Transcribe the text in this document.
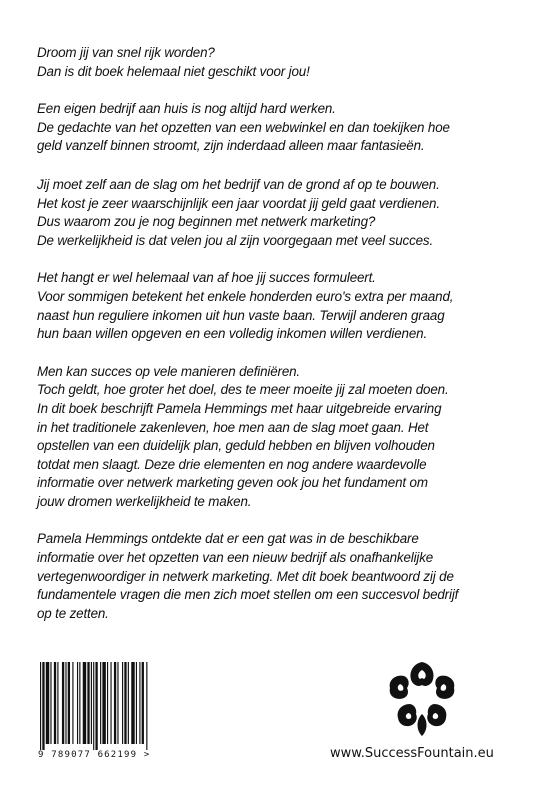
Droom jij van snel rijk worden?
Dan is dit boek helemaal niet geschikt voor jou!

Een eigen bedrijf aan huis is nog altijd hard werken.
De gedachte van het opzetten van een webwinkel en dan toekijken hoe
geld vanzelf binnen stroomt, zijn inderdaad alleen maar fantasieën.

Jij moet zelf aan de slag om het bedrijf van de grond af op te bouwen.
Het kost je zeer waarschijnlijk een jaar voordat jij geld gaat verdienen.
Dus waarom zou je nog beginnen met netwerk marketing?
De werkelijkheid is dat velen jou al zijn voorgegaan met veel succes.

Het hangt er wel helemaal van af hoe jij succes formuleert.
Voor sommigen betekent het enkele honderden euro's extra per maand,
naast hun reguliere inkomen uit hun vaste baan. Terwijl anderen graag
hun baan willen opgeven en een volledig inkomen willen verdienen.

Men kan succes op vele manieren definiëren.
Toch geldt, hoe groter het doel, des te meer moeite jij zal moeten doen.
In dit boek beschrijft Pamela Hemmings met haar uitgebreide ervaring
in het traditionele zakenleven, hoe men aan de slag moet gaan. Het
opstellen van een duidelijk plan, geduld hebben en blijven volhouden
totdat men slaagt. Deze drie elementen en nog andere waardevolle
informatie over netwerk marketing geven ook jou het fundament om
jouw dromen werkelijkheid te maken.

Pamela Hemmings ontdekte dat er een gat was in de beschikbare
informatie over het opzetten van een nieuw bedrijf als onafhankelijke
vertegenwoordiger in netwerk marketing. Met dit boek beantwoord zij de
fundamentele vragen die men zich moet stellen om een succesvol bedrijf
op te zetten.

9 789077 662199 >	www.SuccessFountain.eu
